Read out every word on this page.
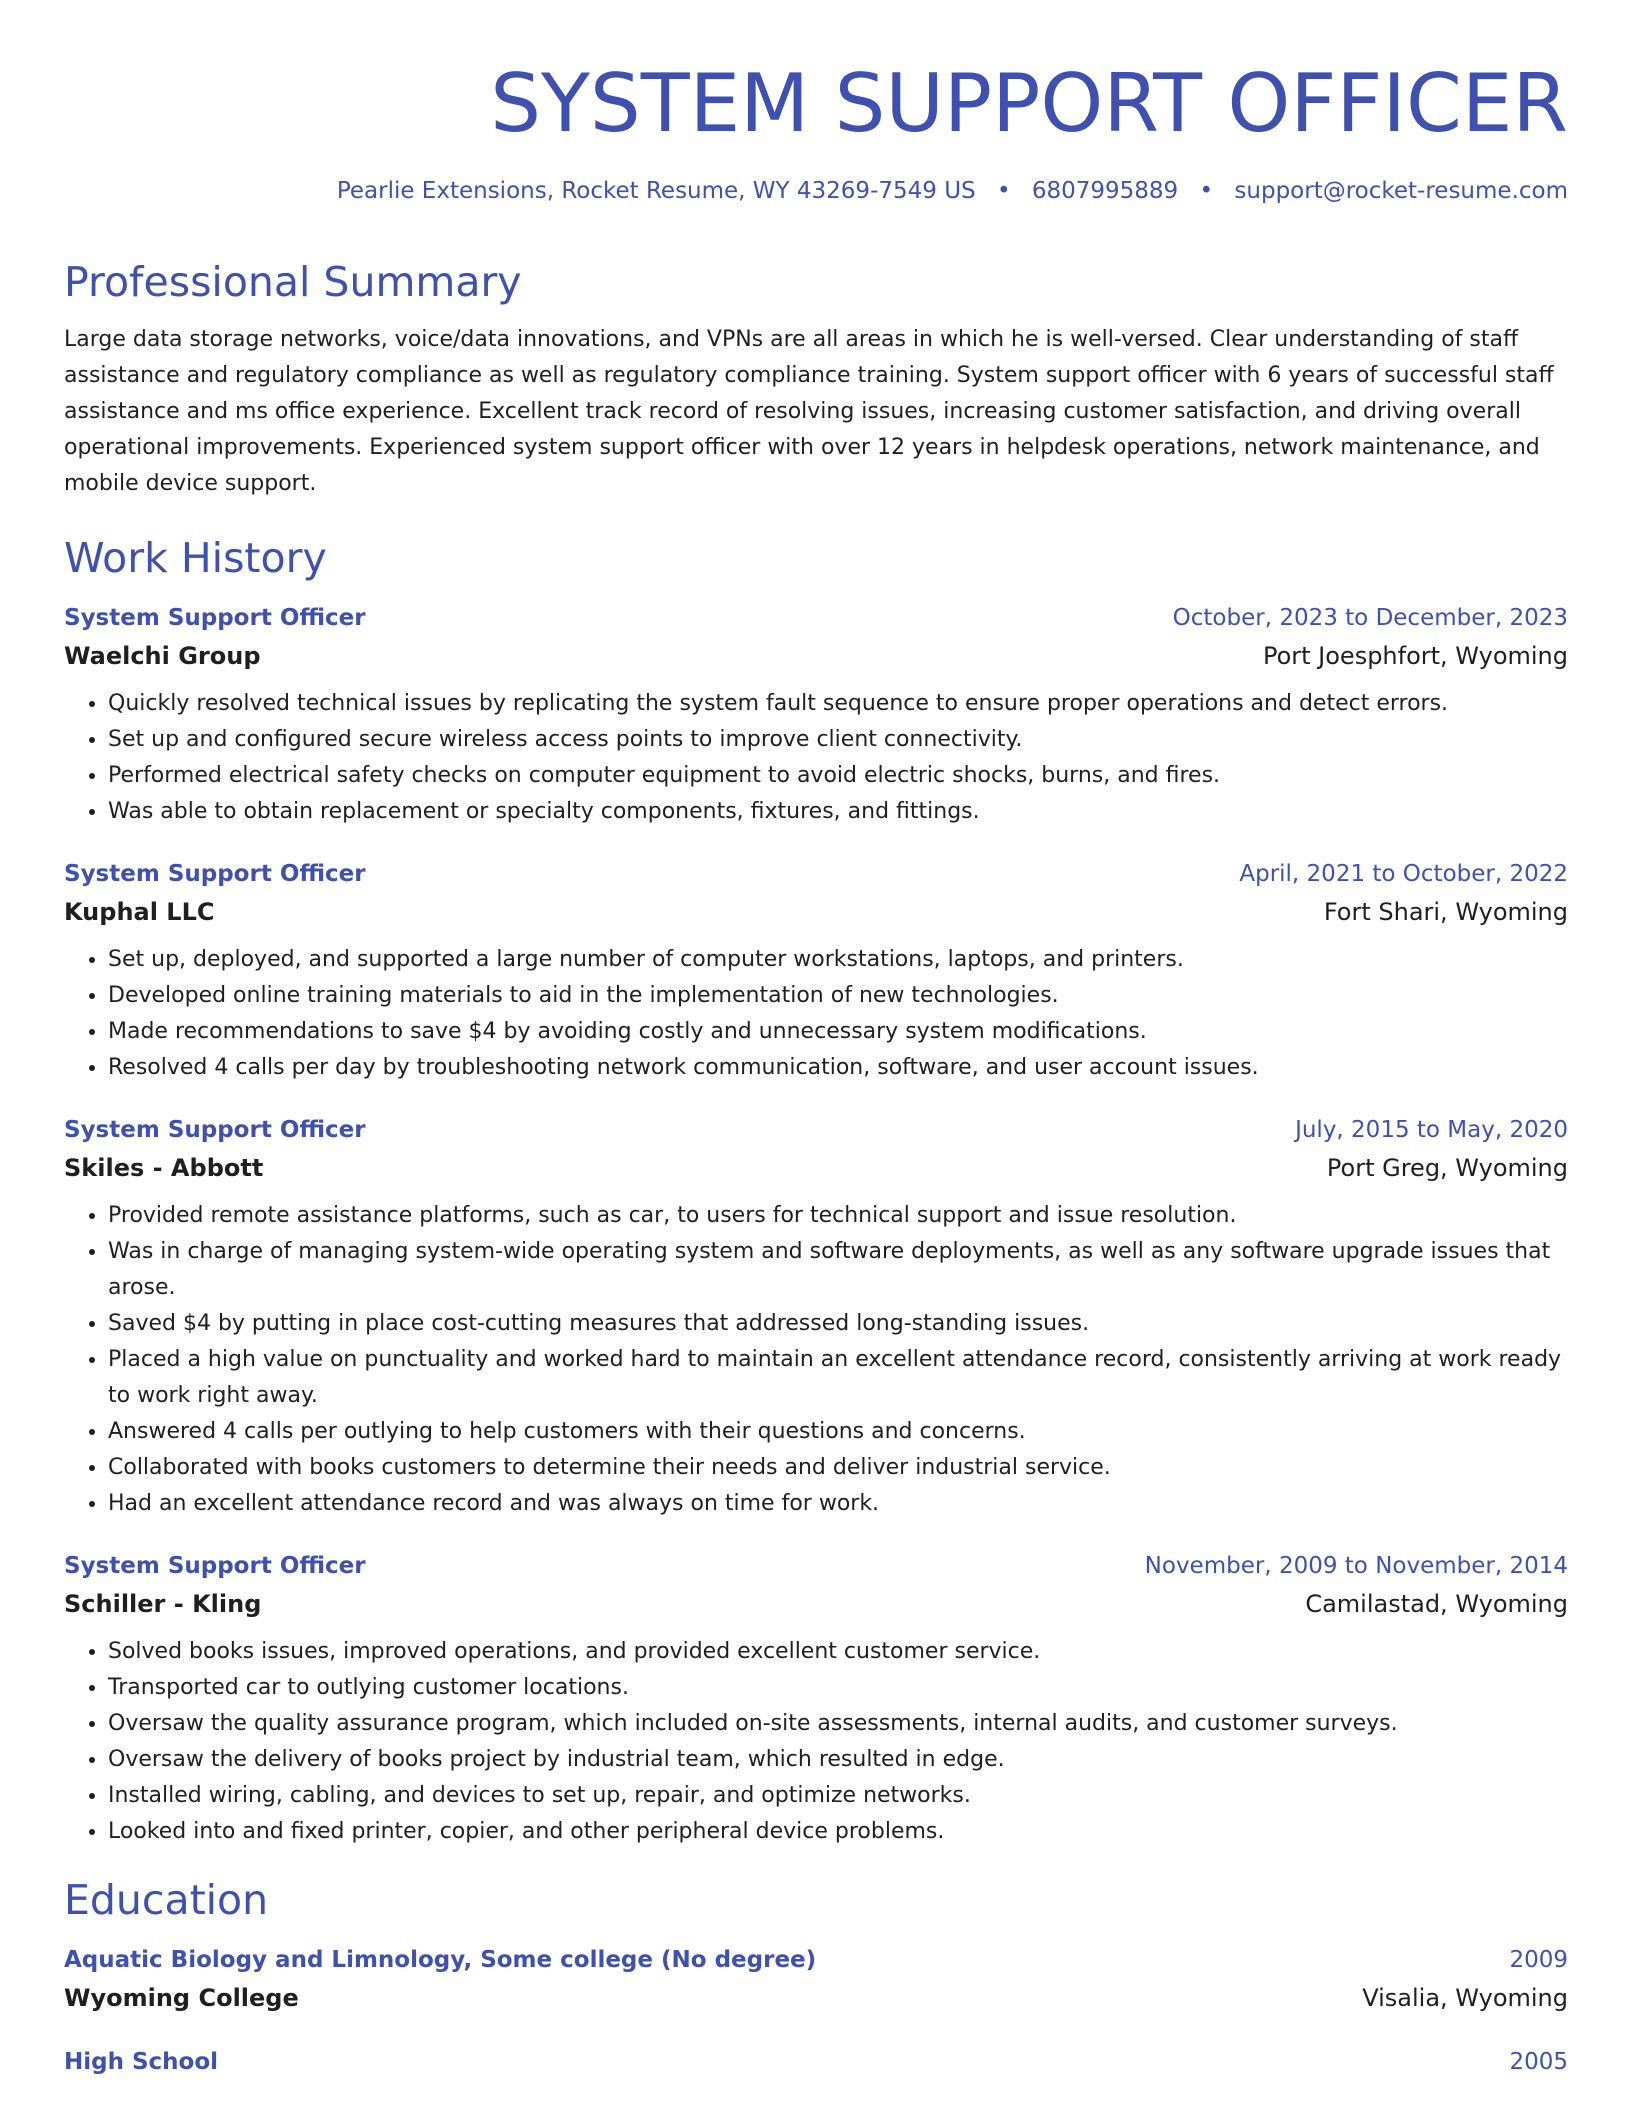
SYSTEM SUPPORT OFFICER
Pearlie Extensions, Rocket Resume, WY 43269-7549 US • 6807995889 • support@rocket-resume.com
Professional Summary
Large data storage networks, voice/data innovations, and VPNs are all areas in which he is well-versed. Clear understanding of staff assistance and regulatory compliance as well as regulatory compliance training. System support officer with 6 years of successful staff assistance and ms office experience. Excellent track record of resolving issues, increasing customer satisfaction, and driving overall operational improvements. Experienced system support officer with over 12 years in helpdesk operations, network maintenance, and mobile device support.
Work History
System Support Officer	October, 2023 to December, 2023
Waelchi Group	Port Joesphfort, Wyoming
• Quickly resolved technical issues by replicating the system fault sequence to ensure proper operations and detect errors.
• Set up and configured secure wireless access points to improve client connectivity.
• Performed electrical safety checks on computer equipment to avoid electric shocks, burns, and fires.
• Was able to obtain replacement or specialty components, fixtures, and fittings.
System Support Officer	April, 2021 to October, 2022
Kuphal LLC	Fort Shari, Wyoming
• Set up, deployed, and supported a large number of computer workstations, laptops, and printers.
• Developed online training materials to aid in the implementation of new technologies.
• Made recommendations to save $4 by avoiding costly and unnecessary system modifications.
• Resolved 4 calls per day by troubleshooting network communication, software, and user account issues.
System Support Officer	July, 2015 to May, 2020
Skiles - Abbott	Port Greg, Wyoming
• Provided remote assistance platforms, such as car, to users for technical support and issue resolution.
• Was in charge of managing system-wide operating system and software deployments, as well as any software upgrade issues that arose.
• Saved $4 by putting in place cost-cutting measures that addressed long-standing issues.
• Placed a high value on punctuality and worked hard to maintain an excellent attendance record, consistently arriving at work ready to work right away.
• Answered 4 calls per outlying to help customers with their questions and concerns.
• Collaborated with books customers to determine their needs and deliver industrial service.
• Had an excellent attendance record and was always on time for work.
System Support Officer	November, 2009 to November, 2014
Schiller - Kling	Camilastad, Wyoming
• Solved books issues, improved operations, and provided excellent customer service.
• Transported car to outlying customer locations.
• Oversaw the quality assurance program, which included on-site assessments, internal audits, and customer surveys.
• Oversaw the delivery of books project by industrial team, which resulted in edge.
• Installed wiring, cabling, and devices to set up, repair, and optimize networks.
• Looked into and fixed printer, copier, and other peripheral device problems.
Education
Aquatic Biology and Limnology, Some college (No degree)	2009
Wyoming College	Visalia, Wyoming
High School	2005
